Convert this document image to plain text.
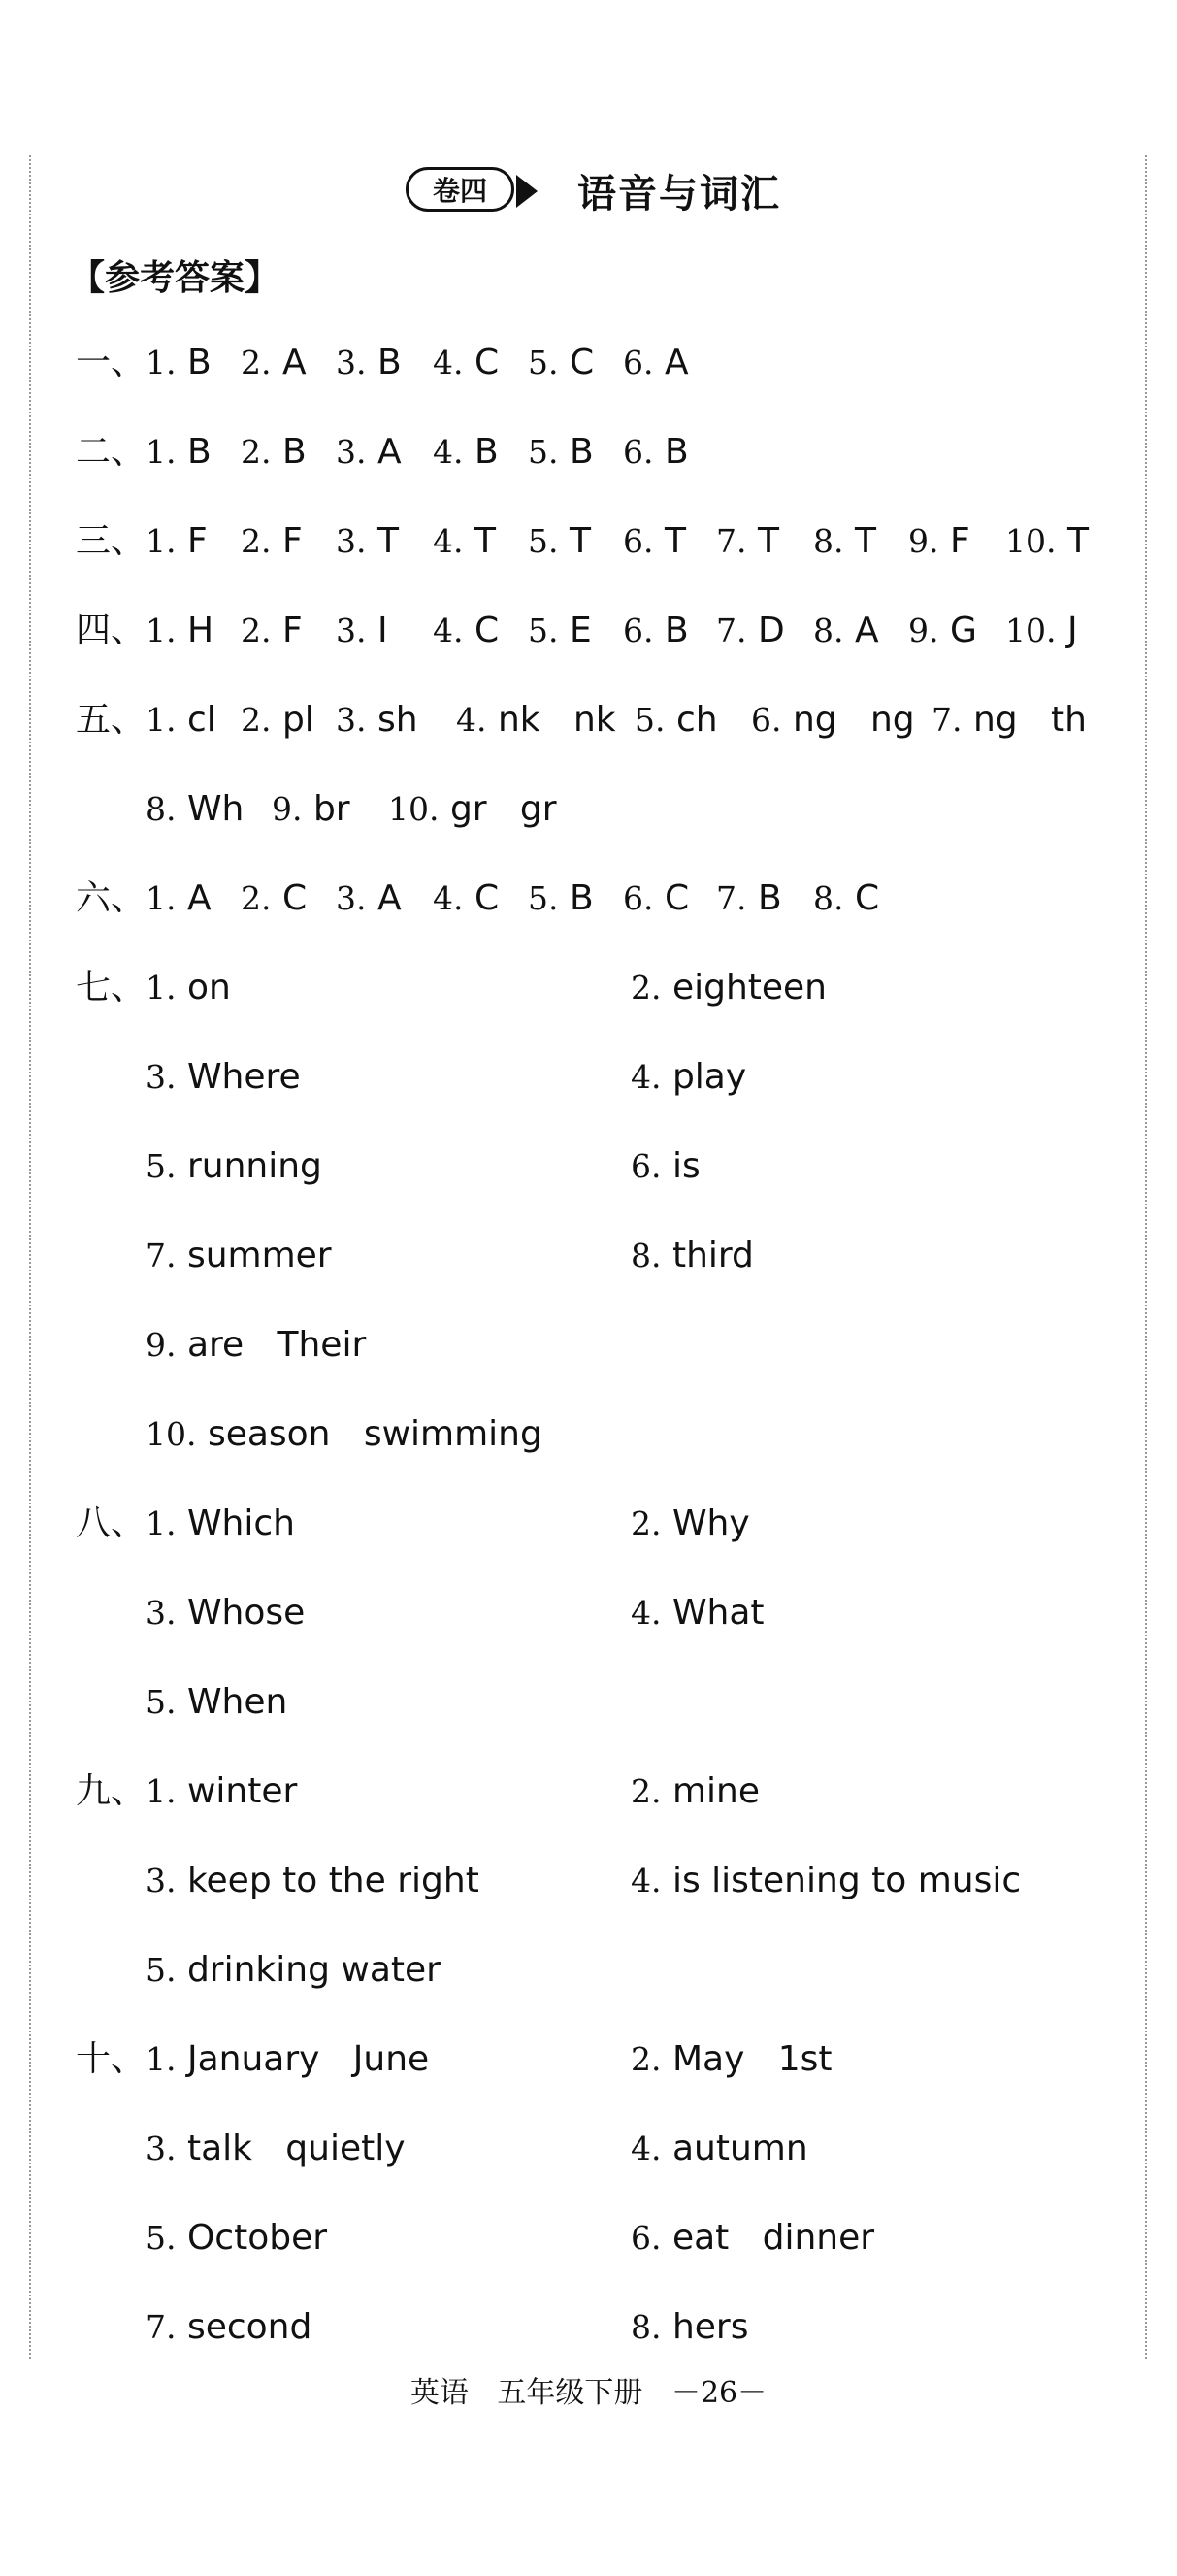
卷四	语音与词汇
【参考答案】
一、 1. B 2. A 3. B 4. C 5. C 6. A
二、 1. B 2. B 3. A 4. B 5. B 6. B
三、 1. F 2. F 3. T 4. T 5. T 6. T 7. T 8. T 9. F 10. T
四、 1. H 2. F 3. I 4. C 5. E 6. B 7. D 8. A 9. G 10. J
五、 1. cl 2. pl 3. sh 4. nk   nk 5. ch 6. ng   ng 7. ng   th
8. Wh 9. br 10. gr   gr
六、 1. A 2. C 3. A 4. C 5. B 6. C 7. B 8. C
七、 1. on	2. eighteen
3. Where	4. play
5. running	6. is
7. summer	8. third
9. are   Their
10. season   swimming
八、 1. Which	2. Why
3. Whose	4. What
5. When
九、 1. winter	2. mine
3. keep to the right	4. is listening to music
5. drinking water
十、 1. January   June	2. May   1st
3. talk   quietly	4. autumn
5. October	6. eat   dinner
7. second	8. hers
英语 五年级下册 －26－
